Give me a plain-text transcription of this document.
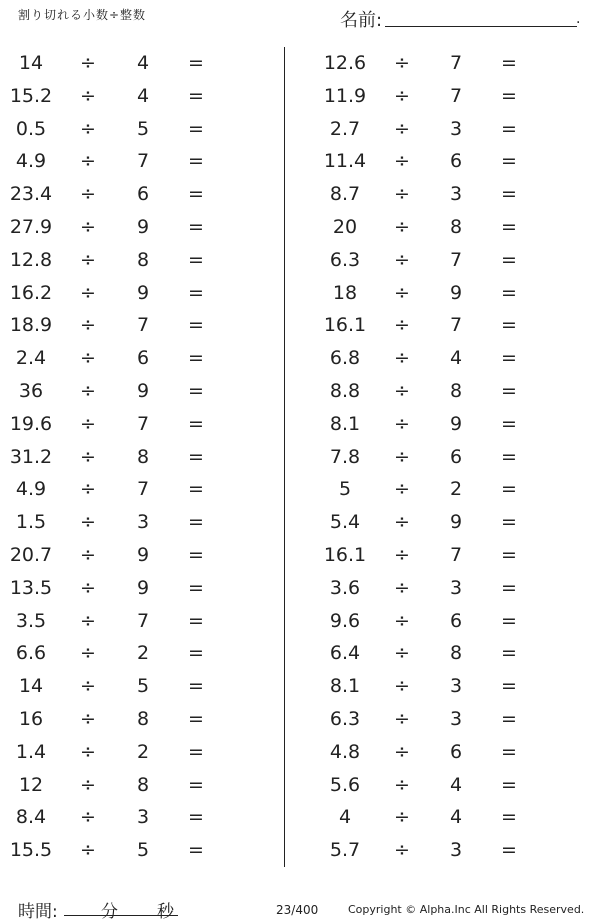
割り切れる小数÷整数	名前:	.
14 ÷ 4 =
15.2 ÷ 4 =
0.5 ÷ 5 =
4.9 ÷ 7 =
23.4 ÷ 6 =
27.9 ÷ 9 =
12.8 ÷ 8 =
16.2 ÷ 9 =
18.9 ÷ 7 =
2.4 ÷ 6 =
36 ÷ 9 =
19.6 ÷ 7 =
31.2 ÷ 8 =
4.9 ÷ 7 =
1.5 ÷ 3 =
20.7 ÷ 9 =
13.5 ÷ 9 =
3.5 ÷ 7 =
6.6 ÷ 2 =
14 ÷ 5 =
16 ÷ 8 =
1.4 ÷ 2 =
12 ÷ 8 =
8.4 ÷ 3 =
15.5 ÷ 5 =
12.6 ÷ 7 =
11.9 ÷ 7 =
2.7 ÷ 3 =
11.4 ÷ 6 =
8.7 ÷ 3 =
20 ÷ 8 =
6.3 ÷ 7 =
18 ÷ 9 =
16.1 ÷ 7 =
6.8 ÷ 4 =
8.8 ÷ 8 =
8.1 ÷ 9 =
7.8 ÷ 6 =
5 ÷ 2 =
5.4 ÷ 9 =
16.1 ÷ 7 =
3.6 ÷ 3 =
9.6 ÷ 6 =
6.4 ÷ 8 =
8.1 ÷ 3 =
6.3 ÷ 3 =
4.8 ÷ 6 =
5.6 ÷ 4 =
4 ÷ 4 =
5.7 ÷ 3 =
時間:	分 秒	23/400	Copyright © Alpha.Inc All Rights Reserved.
